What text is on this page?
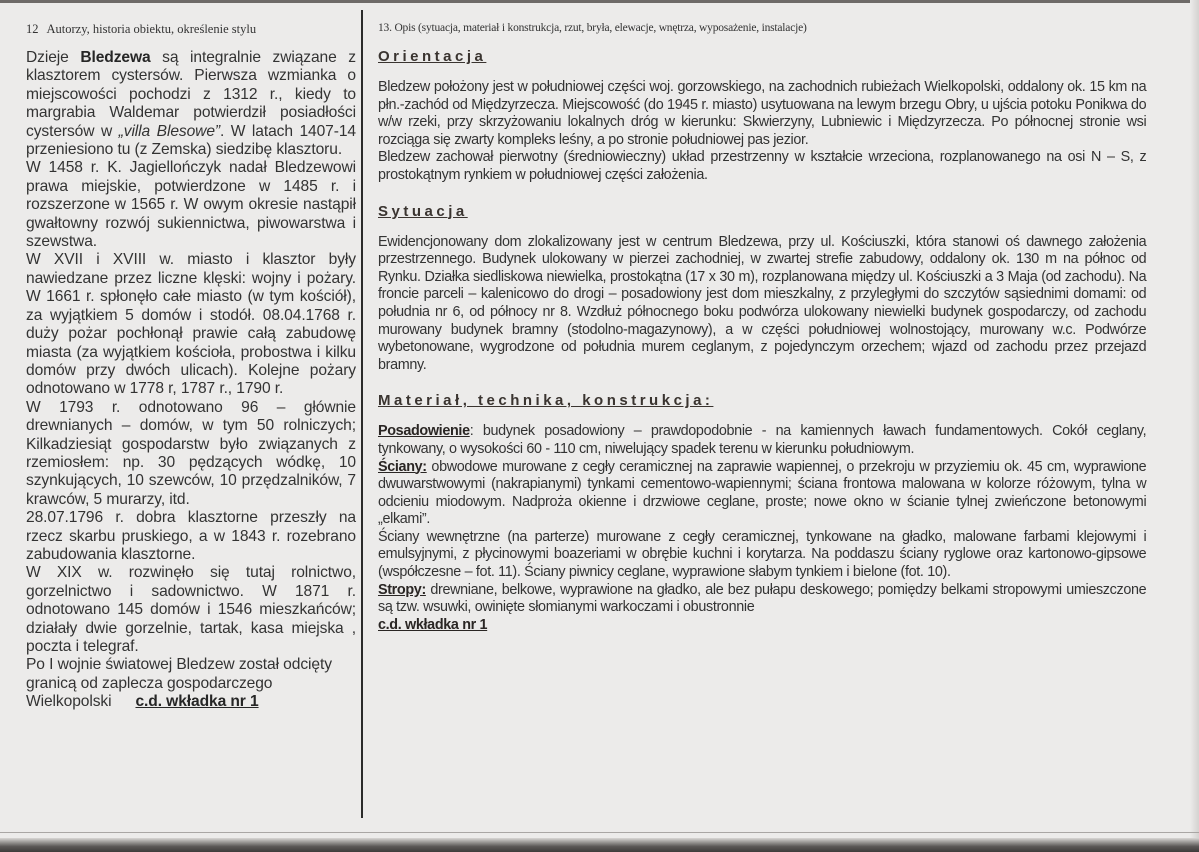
12 Autorzy, historia obiektu, określenie stylu

Dzieje Bledzewa są integralnie związane z klasztorem cystersów. Pierwsza wzmianka o miejscowości pochodzi z 1312 r., kiedy to margrabia Waldemar potwierdził posiadłości cystersów w „villa Blesowe”. W latach 1407-14 przeniesiono tu (z Zemska) siedzibę klasztoru.

W 1458 r. K. Jagiellończyk nadał Bledzewowi prawa miejskie, potwierdzone w 1485 r. i rozszerzone w 1565 r. W owym okresie nastąpił gwałtowny rozwój sukiennictwa, piwowarstwa i szewstwa.

W XVII i XVIII w. miasto i klasztor były nawiedzane przez liczne klęski: wojny i pożary. W 1661 r. spłonęło całe miasto (w tym kościół), za wyjątkiem 5 domów i stodół. 08.04.1768 r. duży pożar pochłonął prawie całą zabudowę miasta (za wyjątkiem kościoła, probostwa i kilku domów przy dwóch ulicach). Kolejne pożary odnotowano w 1778 r, 1787 r., 1790 r.

W 1793 r. odnotowano 96 – głównie drewnianych – domów, w tym 50 rolniczych; Kilkadziesiąt gospodarstw było związanych z rzemiosłem: np. 30 pędzących wódkę, 10 szynkujących, 10 szewców, 10 przędzalników, 7 krawców, 5 murarzy, itd.

28.07.1796 r. dobra klasztorne przeszły na rzecz skarbu pruskiego, a w 1843 r. rozebrano zabudowania klasztorne.

W XIX w. rozwinęło się tutaj rolnictwo, gorzelnictwo i sadownictwo. W 1871 r. odnotowano 145 domów i 1546 mieszkańców; działały dwie gorzelnie, tartak, kasa miejska , poczta i telegraf.

Po I wojnie światowej Bledzew został odcięty granicą od zaplecza gospodarczego Wielkopolski c.d. wkładka nr 1

13. Opis (sytuacja, materiał i konstrukcja, rzut, bryła, elewacje, wnętrza, wyposażenie, instalacje)
Orientacja

Bledzew położony jest w południowej części woj. gorzowskiego, na zachodnich rubieżach Wielkopolski, oddalony ok. 15 km na płn.-zachód od Międzyrzecza. Miejscowość (do 1945 r. miasto) usytuowana na lewym brzegu Obry, u ujścia potoku Ponikwa do w/w rzeki, przy skrzyżowaniu lokalnych dróg w kierunku: Skwierzyny, Lubniewic i Międzyrzecza. Po północnej stronie wsi rozciąga się zwarty kompleks leśny, a po stronie południowej pas jezior.

Bledzew zachował pierwotny (średniowieczny) układ przestrzenny w kształcie wrzeciona, rozplanowanego na osi N – S, z prostokątnym rynkiem w południowej części założenia.

Sytuacja

Ewidencjonowany dom zlokalizowany jest w centrum Bledzewa, przy ul. Kościuszki, która stanowi oś dawnego założenia przestrzennego. Budynek ulokowany w pierzei zachodniej, w zwartej strefie zabudowy, oddalony ok. 130 m na północ od Rynku. Działka siedliskowa niewielka, prostokątna (17 x 30 m), rozplanowana między ul. Kościuszki a 3 Maja (od zachodu). Na froncie parceli – kalenicowo do drogi – posadowiony jest dom mieszkalny, z przyległymi do szczytów sąsiednimi domami: od południa nr 6, od północy nr 8. Wzdłuż północnego boku podwórza ulokowany niewielki budynek gospodarczy, od zachodu murowany budynek bramny (stodolno-magazynowy), a w części południowej wolnostojący, murowany w.c. Podwórze wybetonowane, wygrodzone od południa murem ceglanym, z pojedynczym orzechem; wjazd od zachodu przez przejazd bramny.

Materiał, technika, konstrukcja:

Posadowienie: budynek posadowiony – prawdopodobnie - na kamiennych ławach fundamentowych. Cokół ceglany, tynkowany, o wysokości 60 - 110 cm, niwelujący spadek terenu w kierunku południowym.

Ściany: obwodowe murowane z cegły ceramicznej na zaprawie wapiennej, o przekroju w przyziemiu ok. 45 cm, wyprawione dwuwarstwowymi (nakrapianymi) tynkami cementowo-wapiennymi; ściana frontowa malowana w kolorze różowym, tylna w odcieniu miodowym. Nadproża okienne i drzwiowe ceglane, proste; nowe okno w ścianie tylnej zwieńczone betonowymi „elkami”.

Ściany wewnętrzne (na parterze) murowane z cegły ceramicznej, tynkowane na gładko, malowane farbami klejowymi i emulsyjnymi, z płycinowymi boazeriami w obrębie kuchni i korytarza. Na poddaszu ściany ryglowe oraz kartonowo-gipsowe (współczesne – fot. 11). Ściany piwnicy ceglane, wyprawione słabym tynkiem i bielone (fot. 10).

Stropy: drewniane, belkowe, wyprawione na gładko, ale bez pułapu deskowego; pomiędzy belkami stropowymi umieszczone są tzw. wsuwki, owinięte słomianymi warkoczami i obustronnie

c.d. wkładka nr 1
